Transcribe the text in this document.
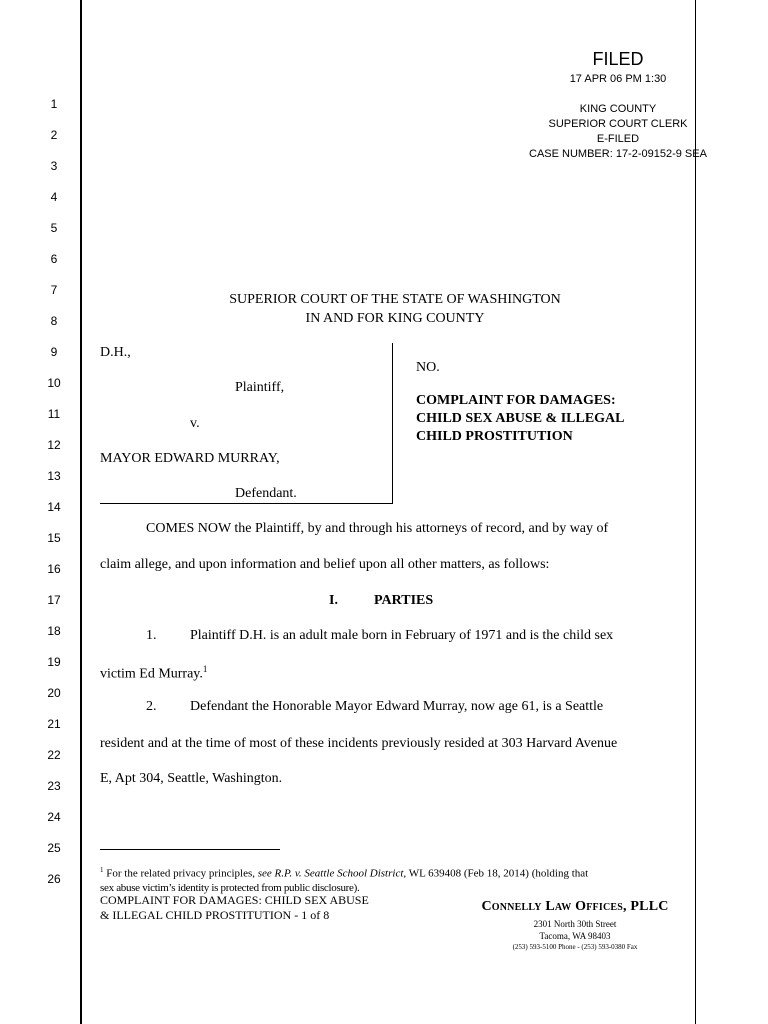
FILED
17 APR 06 PM 1:30
KING COUNTY
SUPERIOR COURT CLERK
E-FILED
CASE NUMBER: 17-2-09152-9 SEA
1
2
3
4
5
6
7
8
9
10
11
12
13
14
15
16
17
18
19
20
21
22
23
24
25
26
SUPERIOR COURT OF THE STATE OF WASHINGTON
IN AND FOR KING COUNTY
D.H.,
Plaintiff,
v.
MAYOR EDWARD MURRAY,
Defendant.
NO.
COMPLAINT FOR DAMAGES:
CHILD SEX ABUSE & ILLEGAL
CHILD PROSTITUTION
COMES NOW the Plaintiff, by and through his attorneys of record, and by way of
claim allege, and upon information and belief upon all other matters, as follows:
I.	PARTIES
1. Plaintiff D.H. is an adult male born in February of 1971 and is the child sex
victim Ed Murray.$^1$
2. Defendant the Honorable Mayor Edward Murray, now age 61, is a Seattle
resident and at the time of most of these incidents previously resided at 303 Harvard Avenue
E, Apt 304, Seattle, Washington.
$^1$ For the related privacy principles, see R.P. v. Seattle School District, WL 639408 (Feb 18, 2014) (holding that
sex abuse victim’s identity is protected from public disclosure).
COMPLAINT FOR DAMAGES: CHILD SEX ABUSE
& ILLEGAL CHILD PROSTITUTION - 1 of 8
Connelly Law Offices, PLLC
2301 North 30th Street
Tacoma, WA 98403
(253) 593-5100 Phone - (253) 593-0380 Fax
